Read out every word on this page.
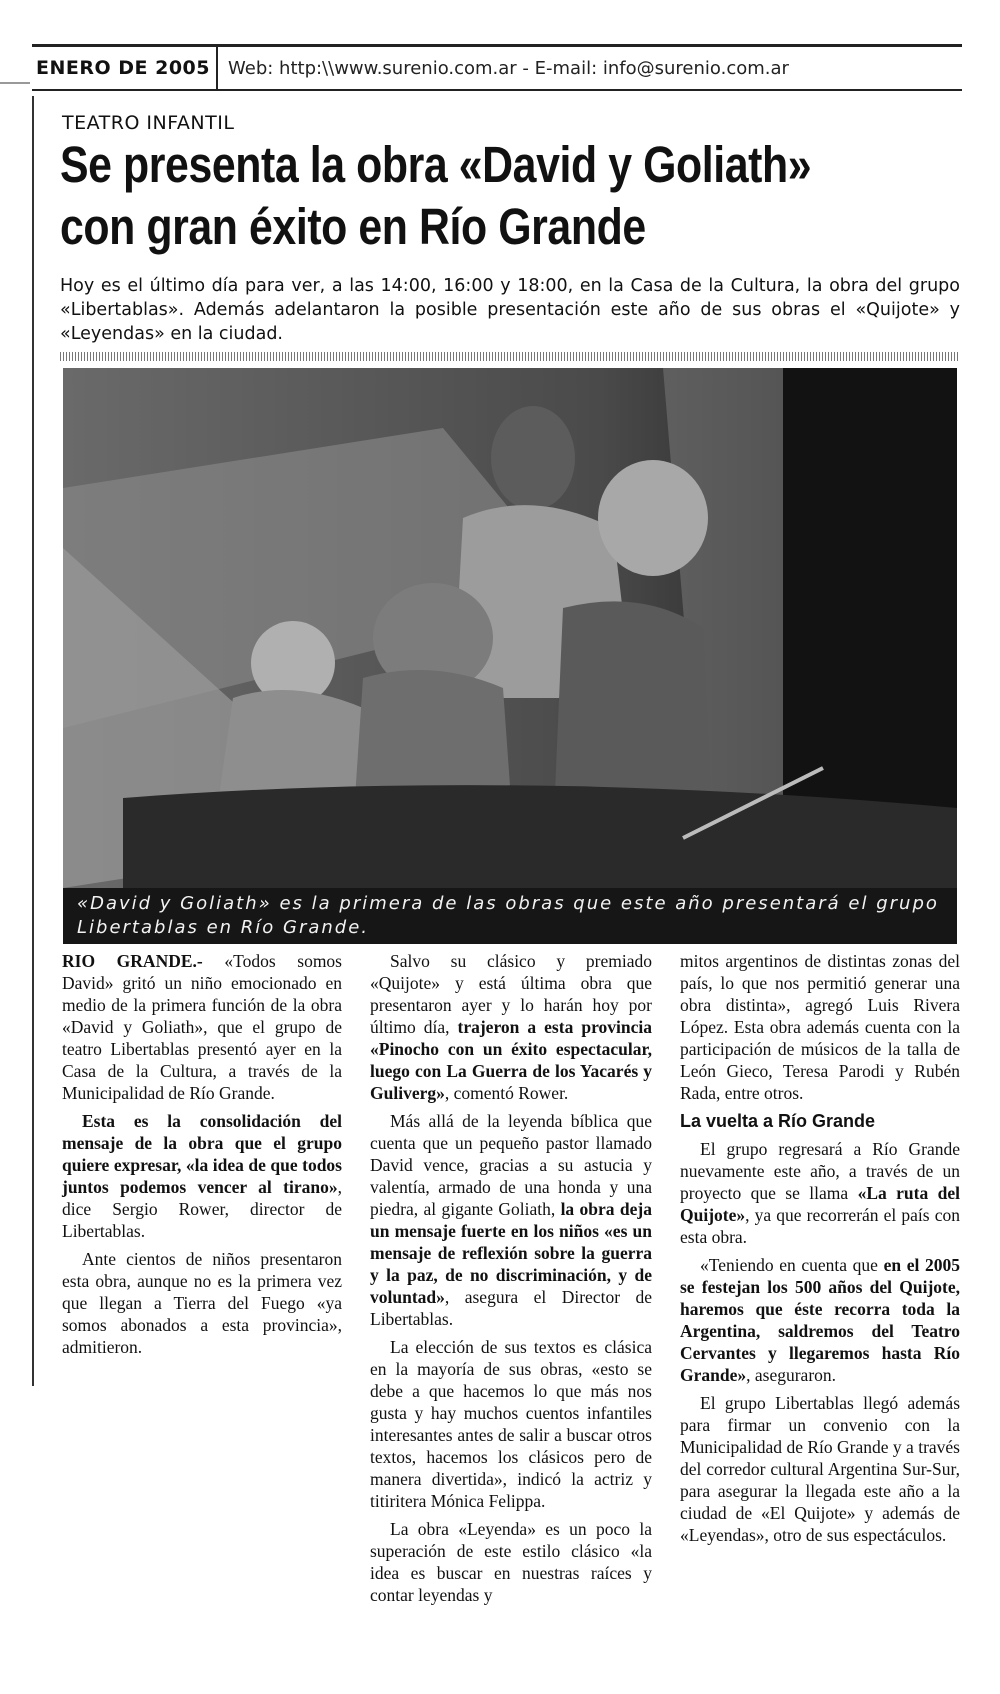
ENERO DE 2005	Web: http:\\www.surenio.com.ar - E-mail: info@surenio.com.ar
TEATRO INFANTIL
Se presenta la obra «David y Goliath»
con gran éxito en Río Grande
Hoy es el último día para ver, a las 14:00, 16:00 y 18:00, en la Casa de la Cultura, la obra del grupo «Libertablas». Además adelantaron la posible presentación este año de sus obras el «Quijote» y «Leyendas» en la ciudad.
«David y Goliath» es la primera de las obras que este año presentará el grupo Libertablas en Río Grande.

RIO GRANDE.- «Todos somos David» gritó un niño emocionado en medio de la primera función de la obra «David y Goliath», que el grupo de teatro Libertablas presentó ayer en la Casa de la Cultura, a través de la Municipalidad de Río Grande.

Esta es la consolidación del mensaje de la obra que el grupo quiere expresar, «la idea de que todos juntos podemos vencer al tirano», dice Sergio Rower, director de Libertablas.

Ante cientos de niños presentaron esta obra, aunque no es la primera vez que llegan a Tierra del Fuego «ya somos abonados a esta provincia», admitieron.

Salvo su clásico y premiado «Quijote» y está última obra que presentaron ayer y lo harán hoy por último día, trajeron a esta provincia «Pinocho con un éxito espectacular, luego con La Guerra de los Yacarés y Guliverg», comentó Rower.

Más allá de la leyenda bíblica que cuenta que un pequeño pastor llamado David vence, gracias a su astucia y valentía, armado de una honda y una piedra, al gigante Goliath, la obra deja un mensaje fuerte en los niños «es un mensaje de reflexión sobre la guerra y la paz, de no discriminación, y de voluntad», asegura el Director de Libertablas.

La elección de sus textos es clásica en la mayoría de sus obras, «esto se debe a que hacemos lo que más nos gusta y hay muchos cuentos infantiles interesantes antes de salir a buscar otros textos, hacemos los clásicos pero de manera divertida», indicó la actriz y titiritera Mónica Felippa.

La obra «Leyenda» es un poco la superación de este estilo clásico «la idea es buscar en nuestras raíces y contar leyendas y

mitos argentinos de distintas zonas del país, lo que nos permitió generar una obra distinta», agregó Luis Rivera López. Esta obra además cuenta con la participación de músicos de la talla de León Gieco, Teresa Parodi y Rubén Rada, entre otros.

La vuelta a Río Grande

El grupo regresará a Río Grande nuevamente este año, a través de un proyecto que se llama «La ruta del Quijote», ya que recorrerán el país con esta obra.

«Teniendo en cuenta que en el 2005 se festejan los 500 años del Quijote, haremos que éste recorra toda la Argentina, saldremos del Teatro Cervantes y llegaremos hasta Río Grande», aseguraron.

El grupo Libertablas llegó además para firmar un convenio con la Municipalidad de Río Grande y a través del corredor cultural Argentina Sur-Sur, para asegurar la llegada este año a la ciudad de «El Quijote» y además de «Leyendas», otro de sus espectáculos.
